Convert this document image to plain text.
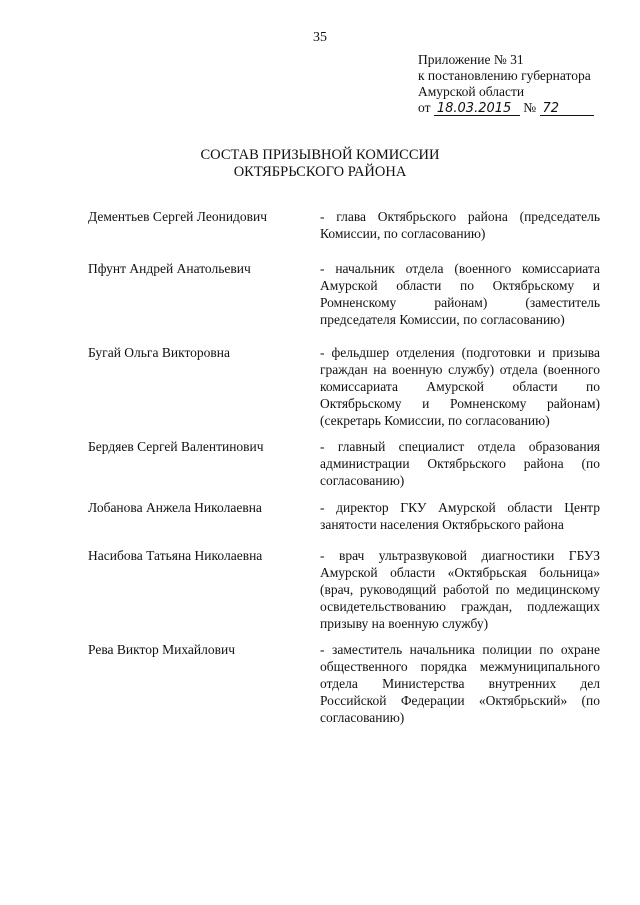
35
Приложение № 31
к постановлению губернатора
Амурской области
от 18.03.2015 № 72
СОСТАВ ПРИЗЫВНОЙ КОМИССИИ
ОКТЯБРЬСКОГО РАЙОНА
Дементьев Сергей Леонидович	- глава Октябрьского района (председатель Комиссии, по согласованию)
Пфунт Андрей Анатольевич	- начальник отдела (военного комиссариата Амурской области по Октябрьскому и Ромненскому районам) (заместитель председателя Комиссии, по согласованию)
Бугай Ольга Викторовна	- фельдшер отделения (подготовки и призыва граждан на военную службу) отдела (военного комиссариата Амурской области по Октябрьскому и Ромненскому районам) (секретарь Комиссии, по согласованию)
Бердяев Сергей Валентинович	- главный специалист отдела образования администрации Октябрьского района (по согласованию)
Лобанова Анжела Николаевна	- директор ГКУ Амурской области Центр занятости населения Октябрьского района
Насибова Татьяна Николаевна	- врач ультразвуковой диагностики ГБУЗ Амурской области «Октябрьская больница» (врач, руководящий работой по медицинскому освидетельствованию граждан, подлежащих призыву на военную службу)
Рева Виктор Михайлович	- заместитель начальника полиции по охране общественного порядка межмуниципального отдела Министерства внутренних дел Российской Федерации «Октябрьский» (по согласованию)
